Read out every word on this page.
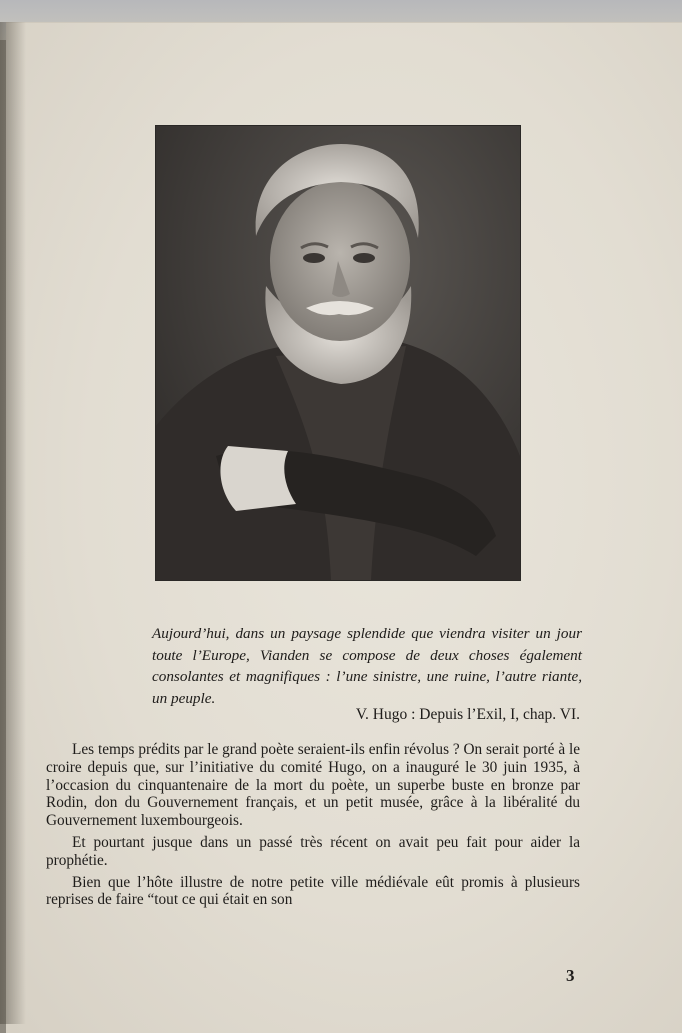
Aujourd’hui, dans un paysage splendide que viendra visiter un jour toute l’Europe, Vianden se compose de deux choses également consolantes et magnifiques : l’une sinistre, une ruine, l’autre riante, un peuple.

V. Hugo : Depuis l’Exil, I, chap. VI.

Les temps prédits par le grand poète seraient-ils enfin révolus ? On serait porté à le croire depuis que, sur l’initiative du comité Hugo, on a inauguré le 30 juin 1935, à l’occasion du cinquantenaire de la mort du poète, un superbe buste en bronze par Rodin, don du Gouvernement français, et un petit musée, grâce à la libéralité du Gouvernement luxembourgeois.

Et pourtant jusque dans un passé très récent on avait peu fait pour aider la prophétie.

Bien que l’hôte illustre de notre petite ville médiévale eût promis à plusieurs reprises de faire “tout ce qui était en son

3
